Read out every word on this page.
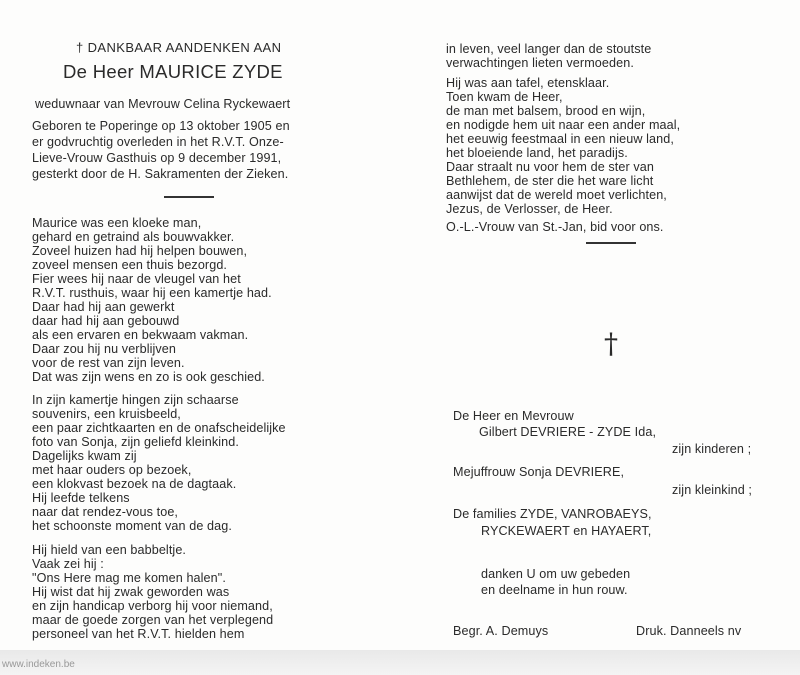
† DANKBAAR AANDENKEN AAN
De Heer MAURICE ZYDE
weduwnaar van Mevrouw Celina Ryckewaert
Geboren te Poperinge op 13 oktober 1905 en
er godvruchtig overleden in het R.V.T. Onze-
Lieve-Vrouw Gasthuis op 9 december 1991,
gesterkt door de H. Sakramenten der Zieken.
Maurice was een kloeke man,
gehard en getraind als bouwvakker.
Zoveel huizen had hij helpen bouwen,
zoveel mensen een thuis bezorgd.
Fier wees hij naar de vleugel van het
R.V.T. rusthuis, waar hij een kamertje had.
Daar had hij aan gewerkt
daar had hij aan gebouwd
als een ervaren en bekwaam vakman.
Daar zou hij nu verblijven
voor de rest van zijn leven.
Dat was zijn wens en zo is ook geschied.
In zijn kamertje hingen zijn schaarse
souvenirs, een kruisbeeld,
een paar zichtkaarten en de onafscheidelijke
foto van Sonja, zijn geliefd kleinkind.
Dagelijks kwam zij
met haar ouders op bezoek,
een klokvast bezoek na de dagtaak.
Hij leefde telkens
naar dat rendez-vous toe,
het schoonste moment van de dag.
Hij hield van een babbeltje.
Vaak zei hij :
"Ons Here mag me komen halen".
Hij wist dat hij zwak geworden was
en zijn handicap verborg hij voor niemand,
maar de goede zorgen van het verplegend
personeel van het R.V.T. hielden hem
in leven, veel langer dan de stoutste
verwachtingen lieten vermoeden.
Hij was aan tafel, etensklaar.
Toen kwam de Heer,
de man met balsem, brood en wijn,
en nodigde hem uit naar een ander maal,
het eeuwig feestmaal in een nieuw land,
het bloeiende land, het paradijs.
Daar straalt nu voor hem de ster van
Bethlehem, de ster die het ware licht
aanwijst dat de wereld moet verlichten,
Jezus, de Verlosser, de Heer.
O.-L.-Vrouw van St.-Jan, bid voor ons.
†
De Heer en Mevrouw
Gilbert DEVRIERE - ZYDE Ida,
zijn kinderen ;
Mejuffrouw Sonja DEVRIERE,
zijn kleinkind ;
De families ZYDE, VANROBAEYS,
RYCKEWAERT en HAYAERT,
danken U om uw gebeden
en deelname in hun rouw.
Begr. A. Demuys	Druk. Danneels nv
www.indeken.be
